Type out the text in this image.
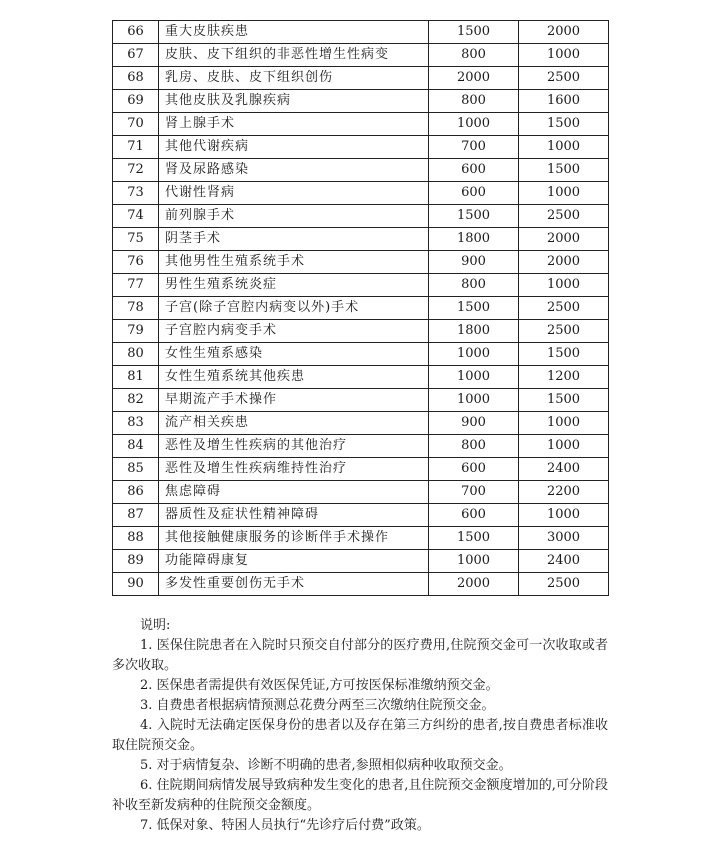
66	重大皮肤疾患	1500	2000
67	皮肤、皮下组织的非恶性增生性病变	800	1000
68	乳房、皮肤、皮下组织创伤	2000	2500
69	其他皮肤及乳腺疾病	800	1600
70	肾上腺手术	1000	1500
71	其他代谢疾病	700	1000
72	肾及尿路感染	600	1500
73	代谢性肾病	600	1000
74	前列腺手术	1500	2500
75	阴茎手术	1800	2000
76	其他男性生殖系统手术	900	2000
77	男性生殖系统炎症	800	1000
78	子宫(除子宫腔内病变以外)手术	1500	2500
79	子宫腔内病变手术	1800	2500
80	女性生殖系感染	1000	1500
81	女性生殖系统其他疾患	1000	1200
82	早期流产手术操作	1000	1500
83	流产相关疾患	900	1000
84	恶性及增生性疾病的其他治疗	800	1000
85	恶性及增生性疾病维持性治疗	600	2400
86	焦虑障碍	700	2200
87	器质性及症状性精神障碍	600	1000
88	其他接触健康服务的诊断伴手术操作	1500	3000
89	功能障碍康复	1000	2400
90	多发性重要创伤无手术	2000	2500
说明:

1. 医保住院患者在入院时只预交自付部分的医疗费用,住院预交金可一次收取或者多次收取。

2. 医保患者需提供有效医保凭证,方可按医保标准缴纳预交金。

3. 自费患者根据病情预测总花费分两至三次缴纳住院预交金。

4. 入院时无法确定医保身份的患者以及存在第三方纠纷的患者,按自费患者标准收取住院预交金。

5. 对于病情复杂、诊断不明确的患者,参照相似病种收取预交金。

6. 住院期间病情发展导致病种发生变化的患者,且住院预交金额度增加的,可分阶段补收至新发病种的住院预交金额度。

7. 低保对象、特困人员执行“先诊疗后付费”政策。
